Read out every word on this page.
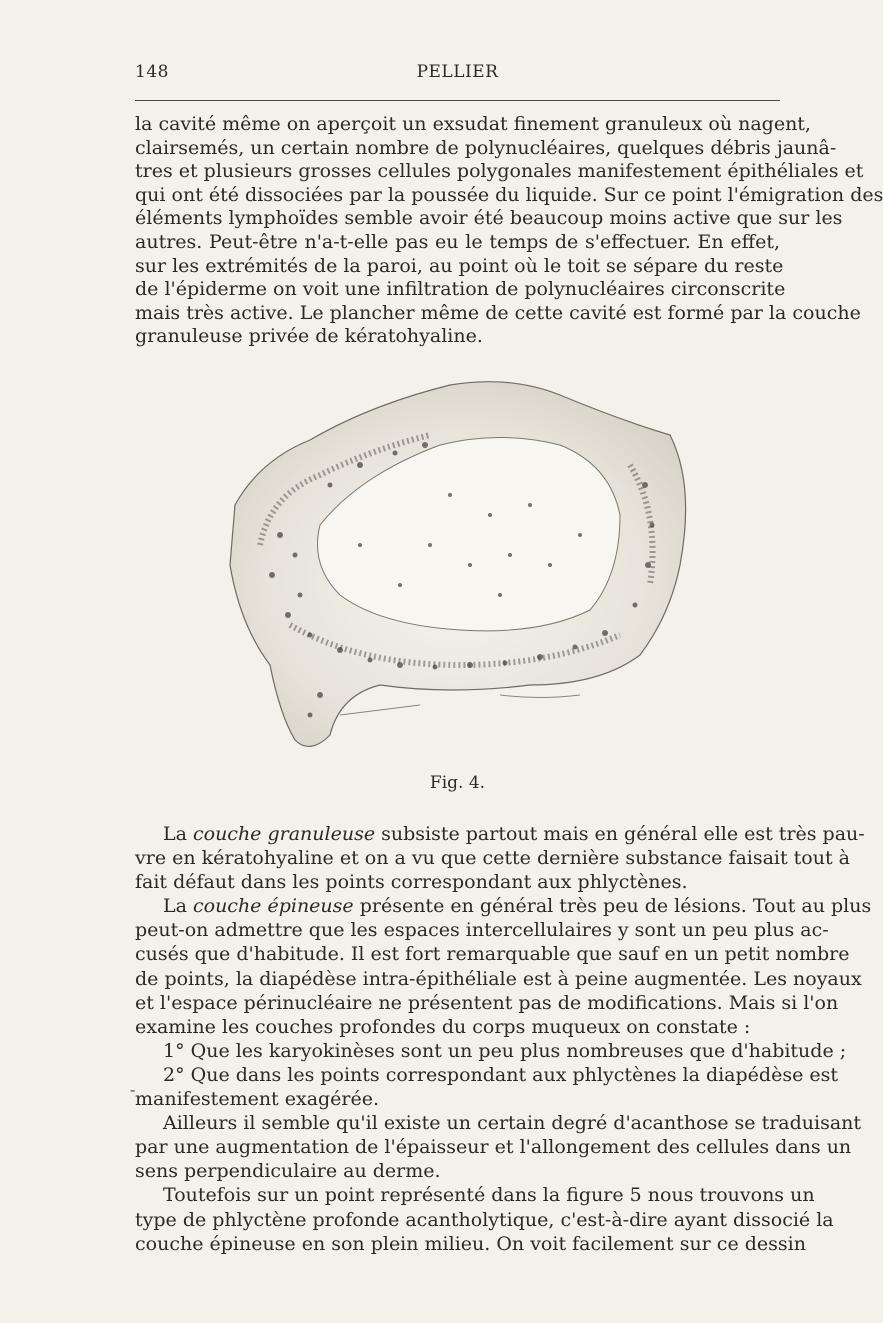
148	PELLIER
la cavité même on aperçoit un exsudat finement granuleux où nagent,
clairsemés, un certain nombre de polynucléaires, quelques débris jaunâ-
tres et plusieurs grosses cellules polygonales manifestement épithéliales et
qui ont été dissociées par la poussée du liquide. Sur ce point l'émigration des
éléments lymphoïdes semble avoir été beaucoup moins active que sur les
autres. Peut-être n'a-t-elle pas eu le temps de s'effectuer. En effet,
sur les extrémités de la paroi, au point où le toit se sépare du reste
de l'épiderme on voit une infiltration de polynucléaires circonscrite
mais très active. Le plancher même de cette cavité est formé par la couche
granuleuse privée de kératohyaline.
Fig. 4.
-
La couche granuleuse subsiste partout mais en général elle est très pau-
vre en kératohyaline et on a vu que cette dernière substance faisait tout à
fait défaut dans les points correspondant aux phlyctènes.
La couche épineuse présente en général très peu de lésions. Tout au plus
peut-on admettre que les espaces intercellulaires y sont un peu plus ac-
cusés que d'habitude. Il est fort remarquable que sauf en un petit nombre
de points, la diapédèse intra-épithéliale est à peine augmentée. Les noyaux
et l'espace périnucléaire ne présentent pas de modifications. Mais si l'on
examine les couches profondes du corps muqueux on constate :
1° Que les karyokinèses sont un peu plus nombreuses que d'habitude ;
2° Que dans les points correspondant aux phlyctènes la diapédèse est
manifestement exagérée.
Ailleurs il semble qu'il existe un certain degré d'acanthose se traduisant
par une augmentation de l'épaisseur et l'allongement des cellules dans un
sens perpendiculaire au derme.
Toutefois sur un point représenté dans la figure 5 nous trouvons un
type de phlyctène profonde acantholytique, c'est-à-dire ayant dissocié la
couche épineuse en son plein milieu. On voit facilement sur ce dessin
